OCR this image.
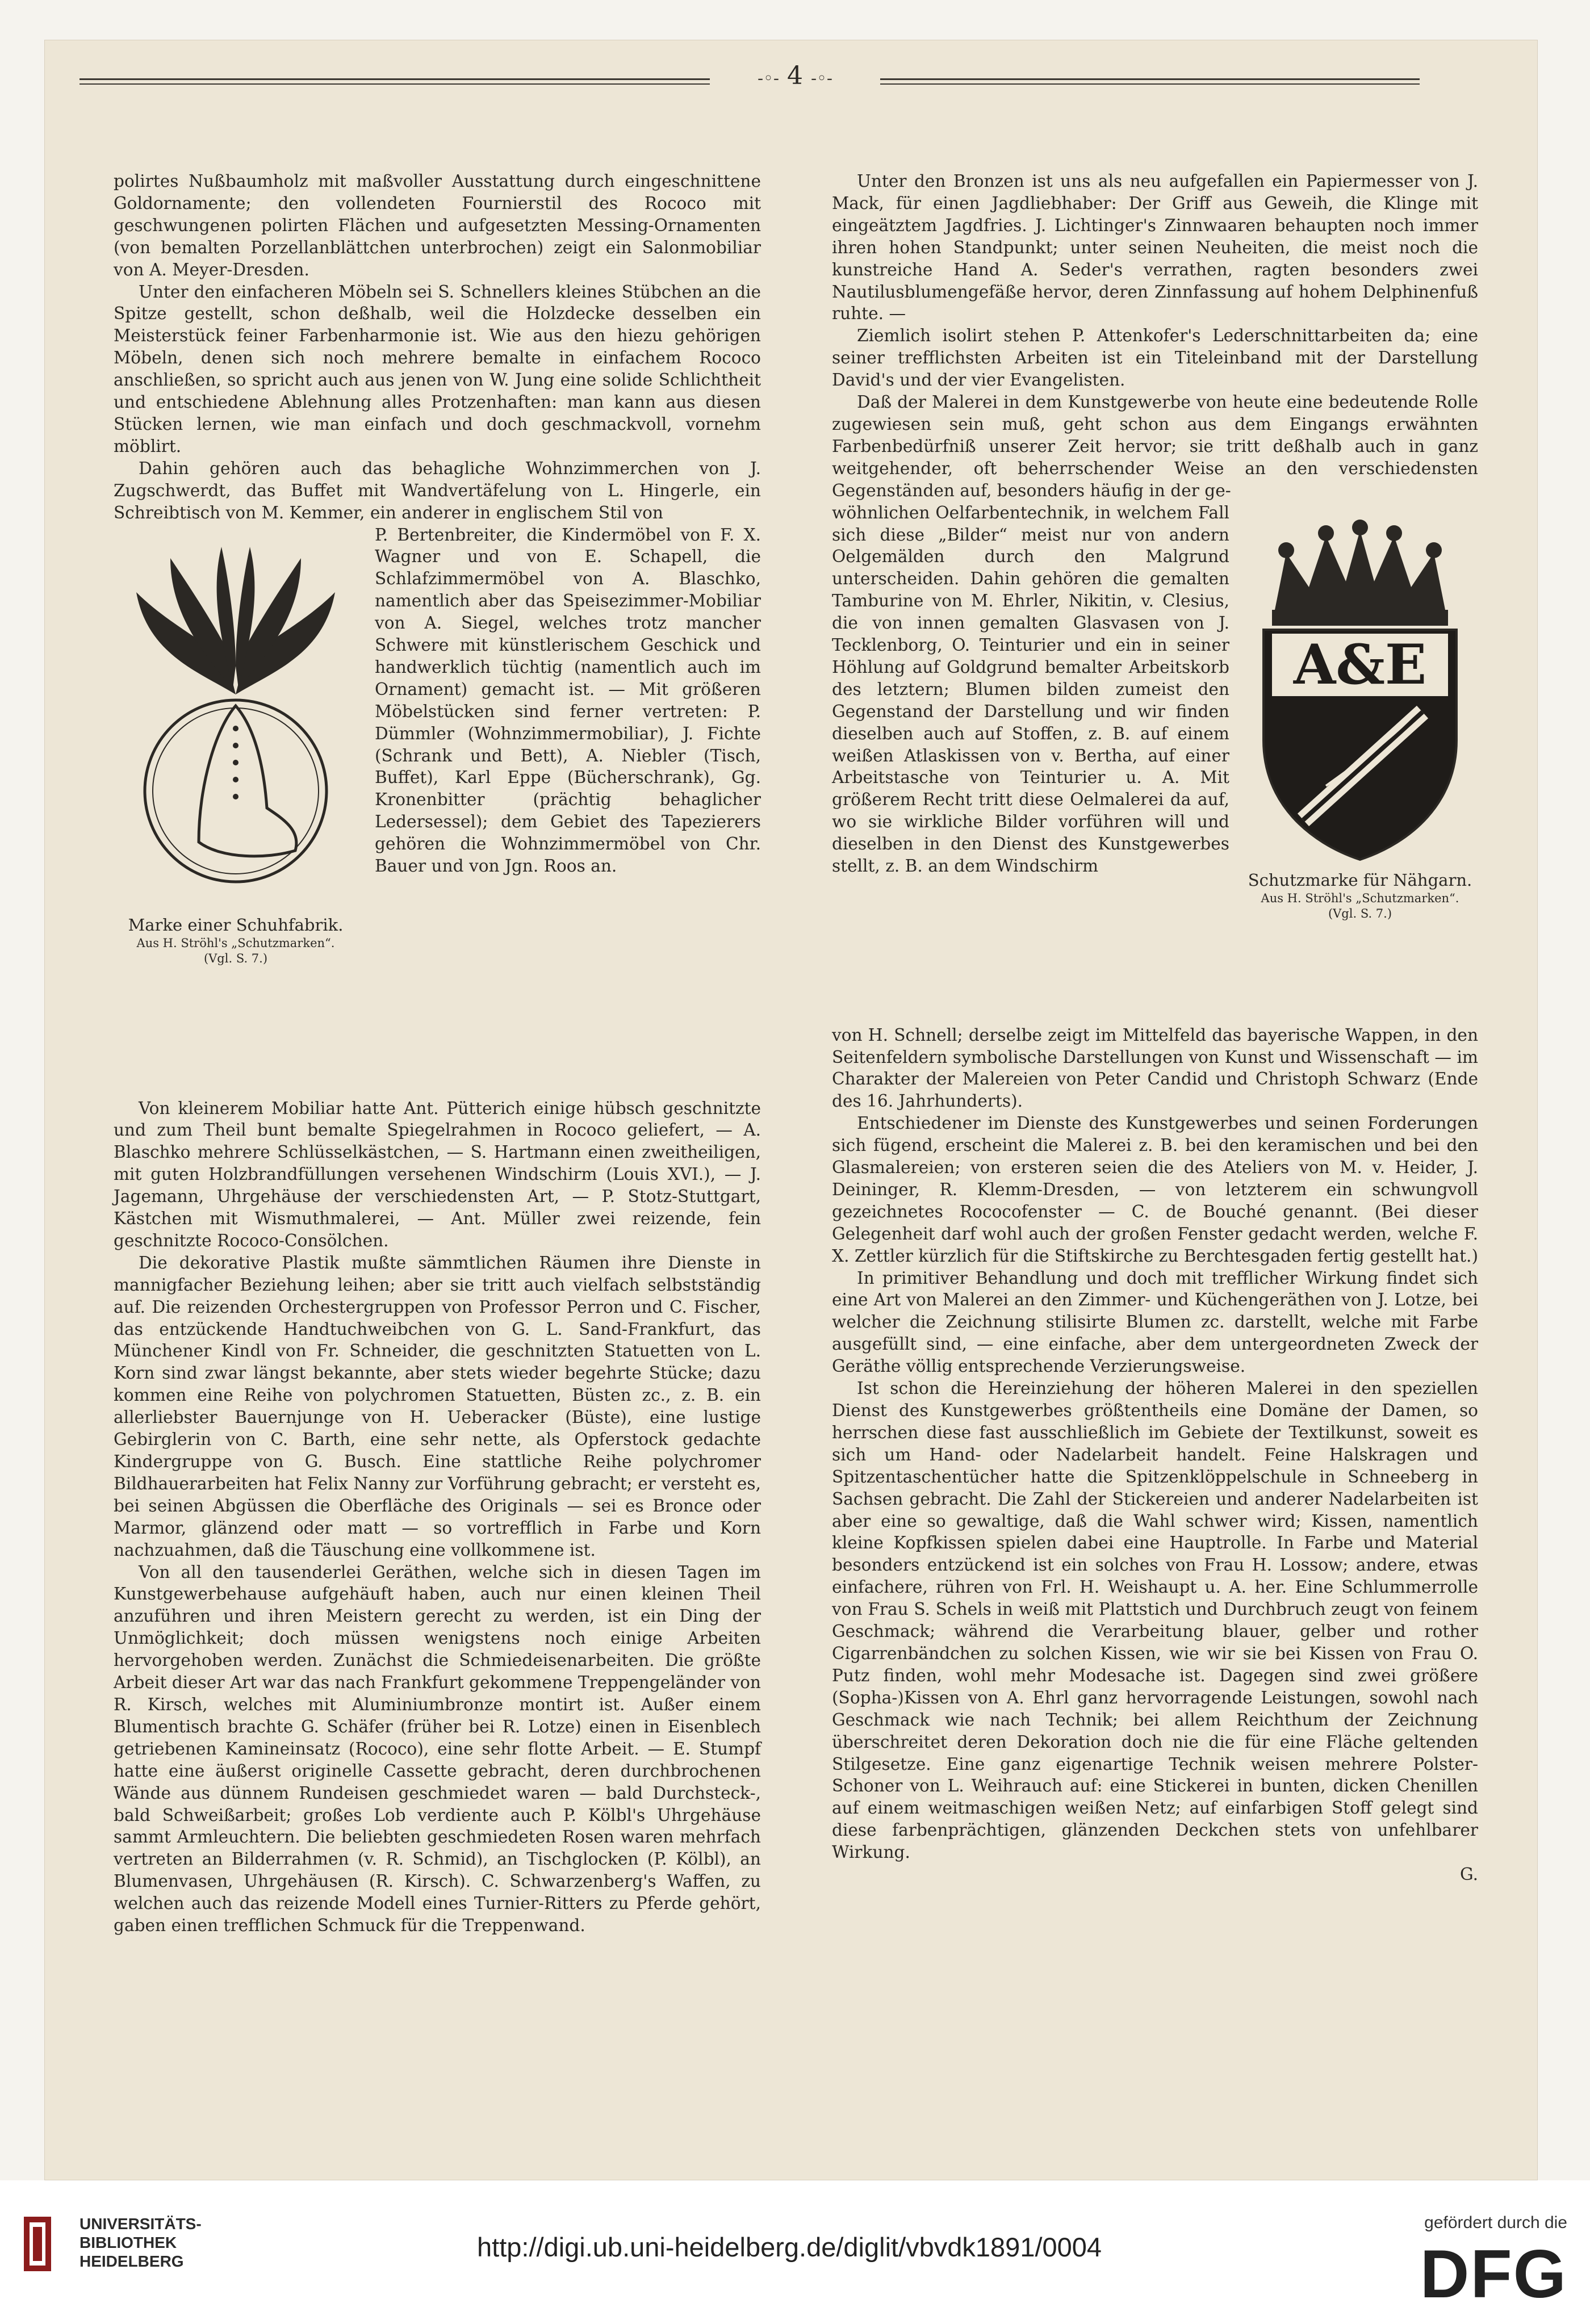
-◦- 4 -◦-

polirtes Nußbaumholz mit maßvoller Ausstattung durch eingeschnittene Goldornamente; den vollendeten Fournierstil des Rococo mit geschwungenen polirten Flächen und aufgesetzten Messing-Ornamenten (von bemalten Porzellanblättchen unterbrochen) zeigt ein Salonmobiliar von A. Meyer-Dresden.

Unter den einfacheren Möbeln sei S. Schnellers kleines Stübchen an die Spitze gestellt, schon deßhalb, weil die Holzdecke desselben ein Meisterstück feiner Farbenharmonie ist. Wie aus den hiezu gehörigen Möbeln, denen sich noch mehrere bemalte in einfachem Rococo anschließen, so spricht auch aus jenen von W. Jung eine solide Schlichtheit und entschiedene Ablehnung alles Protzenhaften: man kann aus diesen Stücken lernen, wie man einfach und doch geschmackvoll, vornehm möblirt.

Dahin gehören auch das behagliche Wohnzimmerchen von J. Zugschwerdt, das Buffet mit Wandvertäfelung von L. Hingerle, ein Schreibtisch von M. Kemmer, ein anderer in englischem Stil von

Marke einer Schuhfabrik.
Aus H. Ströhl's „Schutzmarken“.
(Vgl. S. 7.)

P. Bertenbreiter, die Kindermöbel von F. X. Wagner und von E. Schapell, die Schlafzimmermöbel von A. Blaschko, namentlich aber das Speisezimmer-Mobiliar von A. Siegel, welches trotz mancher Schwere mit künstlerischem Geschick und handwerklich tüchtig (namentlich auch im Ornament) gemacht ist. — Mit größeren Möbelstücken sind ferner vertreten: P. Dümmler (Wohnzimmermobiliar), J. Fichte (Schrank und Bett), A. Niebler (Tisch, Buffet), Karl Eppe (Bücherschrank), Gg. Kronenbitter (prächtig behaglicher Ledersessel); dem Gebiet des Tapezierers gehören die Wohnzimmermöbel von Chr. Bauer und von Jgn. Roos an.

Von kleinerem Mobiliar hatte Ant. Pütterich einige hübsch geschnitzte und zum Theil bunt bemalte Spiegelrahmen in Rococo geliefert, — A. Blaschko mehrere Schlüsselkästchen, — S. Hartmann einen zweitheiligen, mit guten Holzbrandfüllungen versehenen Windschirm (Louis XVI.), — J. Jagemann, Uhrgehäuse der verschiedensten Art, — P. Stotz-Stuttgart, Kästchen mit Wismuthmalerei, — Ant. Müller zwei reizende, fein geschnitzte Rococo-Consölchen.

Die dekorative Plastik mußte sämmtlichen Räumen ihre Dienste in mannigfacher Beziehung leihen; aber sie tritt auch vielfach selbstständig auf. Die reizenden Orchestergruppen von Professor Perron und C. Fischer, das entzückende Handtuchweibchen von G. L. Sand-Frankfurt, das Münchener Kindl von Fr. Schneider, die geschnitzten Statuetten von L. Korn sind zwar längst bekannte, aber stets wieder begehrte Stücke; dazu kommen eine Reihe von polychromen Statuetten, Büsten zc., z. B. ein allerliebster Bauernjunge von H. Ueberacker (Büste), eine lustige Gebirglerin von C. Barth, eine sehr nette, als Opferstock gedachte Kindergruppe von G. Busch. Eine stattliche Reihe polychromer Bildhauerarbeiten hat Felix Nanny zur Vorführung gebracht; er versteht es, bei seinen Abgüssen die Oberfläche des Originals — sei es Bronce oder Marmor, glänzend oder matt — so vortrefflich in Farbe und Korn nachzuahmen, daß die Täuschung eine vollkommene ist.

Von all den tausenderlei Geräthen, welche sich in diesen Tagen im Kunstgewerbehause aufgehäuft haben, auch nur einen kleinen Theil anzuführen und ihren Meistern gerecht zu werden, ist ein Ding der Unmöglichkeit; doch müssen wenigstens noch einige Arbeiten hervorgehoben werden. Zunächst die Schmiedeisenarbeiten. Die größte Arbeit dieser Art war das nach Frankfurt gekommene Treppengeländer von R. Kirsch, welches mit Aluminiumbronze montirt ist. Außer einem Blumentisch brachte G. Schäfer (früher bei R. Lotze) einen in Eisenblech getriebenen Kamineinsatz (Rococo), eine sehr flotte Arbeit. — E. Stumpf hatte eine äußerst originelle Cassette gebracht, deren durchbrochenen Wände aus dünnem Rundeisen geschmiedet waren — bald Durchsteck-, bald Schweißarbeit; großes Lob verdiente auch P. Kölbl's Uhrgehäuse sammt Armleuchtern. Die beliebten geschmiedeten Rosen waren mehrfach vertreten an Bilderrahmen (v. R. Schmid), an Tischglocken (P. Kölbl), an Blumenvasen, Uhrgehäusen (R. Kirsch). C. Schwarzenberg's Waffen, zu welchen auch das reizende Modell eines Turnier-Ritters zu Pferde gehört, gaben einen trefflichen Schmuck für die Treppenwand.

Unter den Bronzen ist uns als neu aufgefallen ein Papiermesser von J. Mack, für einen Jagdliebhaber: Der Griff aus Geweih, die Klinge mit eingeätztem Jagdfries. J. Lichtinger's Zinnwaaren behaupten noch immer ihren hohen Standpunkt; unter seinen Neuheiten, die meist noch die kunstreiche Hand A. Seder's verrathen, ragten besonders zwei Nautilusblumengefäße hervor, deren Zinnfassung auf hohem Delphinenfuß ruhte. —

Ziemlich isolirt stehen P. Attenkofer's Lederschnittarbeiten da; eine seiner trefflichsten Arbeiten ist ein Titeleinband mit der Darstellung David's und der vier Evangelisten.

Daß der Malerei in dem Kunstgewerbe von heute eine bedeutende Rolle zugewiesen sein muß, geht schon aus dem Eingangs erwähnten Farbenbedürfniß unserer Zeit hervor; sie tritt deßhalb auch in ganz weitgehender, oft beherrschender Weise an den verschiedensten Gegenständen auf, besonders häufig in der ge-

wöhnlichen Oelfarbentechnik, in welchem Fall sich diese „Bilder“ meist nur von andern Oelgemälden durch den Malgrund unterscheiden. Dahin gehören die gemalten Tamburine von M. Ehrler, Nikitin, v. Clesius, die von innen gemalten Glasvasen von J. Tecklenborg, O. Teinturier und ein in seiner Höhlung auf Goldgrund bemalter Arbeitskorb des letztern; Blumen bilden zumeist den Gegenstand der Darstellung und wir finden dieselben auch auf Stoffen, z. B. auf einem weißen Atlaskissen von v. Bertha, auf einer Arbeitstasche von Teinturier u. A. Mit größerem Recht tritt diese Oelmalerei da auf, wo sie wirkliche Bilder vorführen will und dieselben in den Dienst des Kunstgewerbes stellt, z. B. an dem Windschirm

A&E
Schutzmarke für Nähgarn.
Aus H. Ströhl's „Schutzmarken“.
(Vgl. S. 7.)

von H. Schnell; derselbe zeigt im Mittelfeld das bayerische Wappen, in den Seitenfeldern symbolische Darstellungen von Kunst und Wissenschaft — im Charakter der Malereien von Peter Candid und Christoph Schwarz (Ende des 16. Jahrhunderts).

Entschiedener im Dienste des Kunstgewerbes und seinen Forderungen sich fügend, erscheint die Malerei z. B. bei den keramischen und bei den Glasmalereien; von ersteren seien die des Ateliers von M. v. Heider, J. Deininger, R. Klemm-Dresden, — von letzterem ein schwungvoll gezeichnetes Rococofenster — C. de Bouché genannt. (Bei dieser Gelegenheit darf wohl auch der großen Fenster gedacht werden, welche F. X. Zettler kürzlich für die Stiftskirche zu Berchtesgaden fertig gestellt hat.)

In primitiver Behandlung und doch mit trefflicher Wirkung findet sich eine Art von Malerei an den Zimmer- und Küchengeräthen von J. Lotze, bei welcher die Zeichnung stilisirte Blumen zc. darstellt, welche mit Farbe ausgefüllt sind, — eine einfache, aber dem untergeordneten Zweck der Geräthe völlig entsprechende Verzierungsweise.

Ist schon die Hereinziehung der höheren Malerei in den speziellen Dienst des Kunstgewerbes größtentheils eine Domäne der Damen, so herrschen diese fast ausschließlich im Gebiete der Textilkunst, soweit es sich um Hand- oder Nadelarbeit handelt. Feine Halskragen und Spitzentaschentücher hatte die Spitzenklöppelschule in Schneeberg in Sachsen gebracht. Die Zahl der Stickereien und anderer Nadelarbeiten ist aber eine so gewaltige, daß die Wahl schwer wird; Kissen, namentlich kleine Kopfkissen spielen dabei eine Hauptrolle. In Farbe und Material besonders entzückend ist ein solches von Frau H. Lossow; andere, etwas einfachere, rühren von Frl. H. Weishaupt u. A. her. Eine Schlummerrolle von Frau S. Schels in weiß mit Plattstich und Durchbruch zeugt von feinem Geschmack; während die Verarbeitung blauer, gelber und rother Cigarrenbändchen zu solchen Kissen, wie wir sie bei Kissen von Frau O. Putz finden, wohl mehr Modesache ist. Dagegen sind zwei größere (Sopha-)Kissen von A. Ehrl ganz hervorragende Leistungen, sowohl nach Geschmack wie nach Technik; bei allem Reichthum der Zeichnung überschreitet deren Dekoration doch nie die für eine Fläche geltenden Stilgesetze. Eine ganz eigenartige Technik weisen mehrere Polster-Schoner von L. Weihrauch auf: eine Stickerei in bunten, dicken Chenillen auf einem weitmaschigen weißen Netz; auf einfarbigen Stoff gelegt sind diese farbenprächtigen, glänzenden Deckchen stets von unfehlbarer Wirkung.

G.
UNIVERSITÄTS-
BIBLIOTHEK
HEIDELBERG	http://digi.ub.uni-heidelberg.de/diglit/vbvdk1891/0004
gefördert durch die
DFG
